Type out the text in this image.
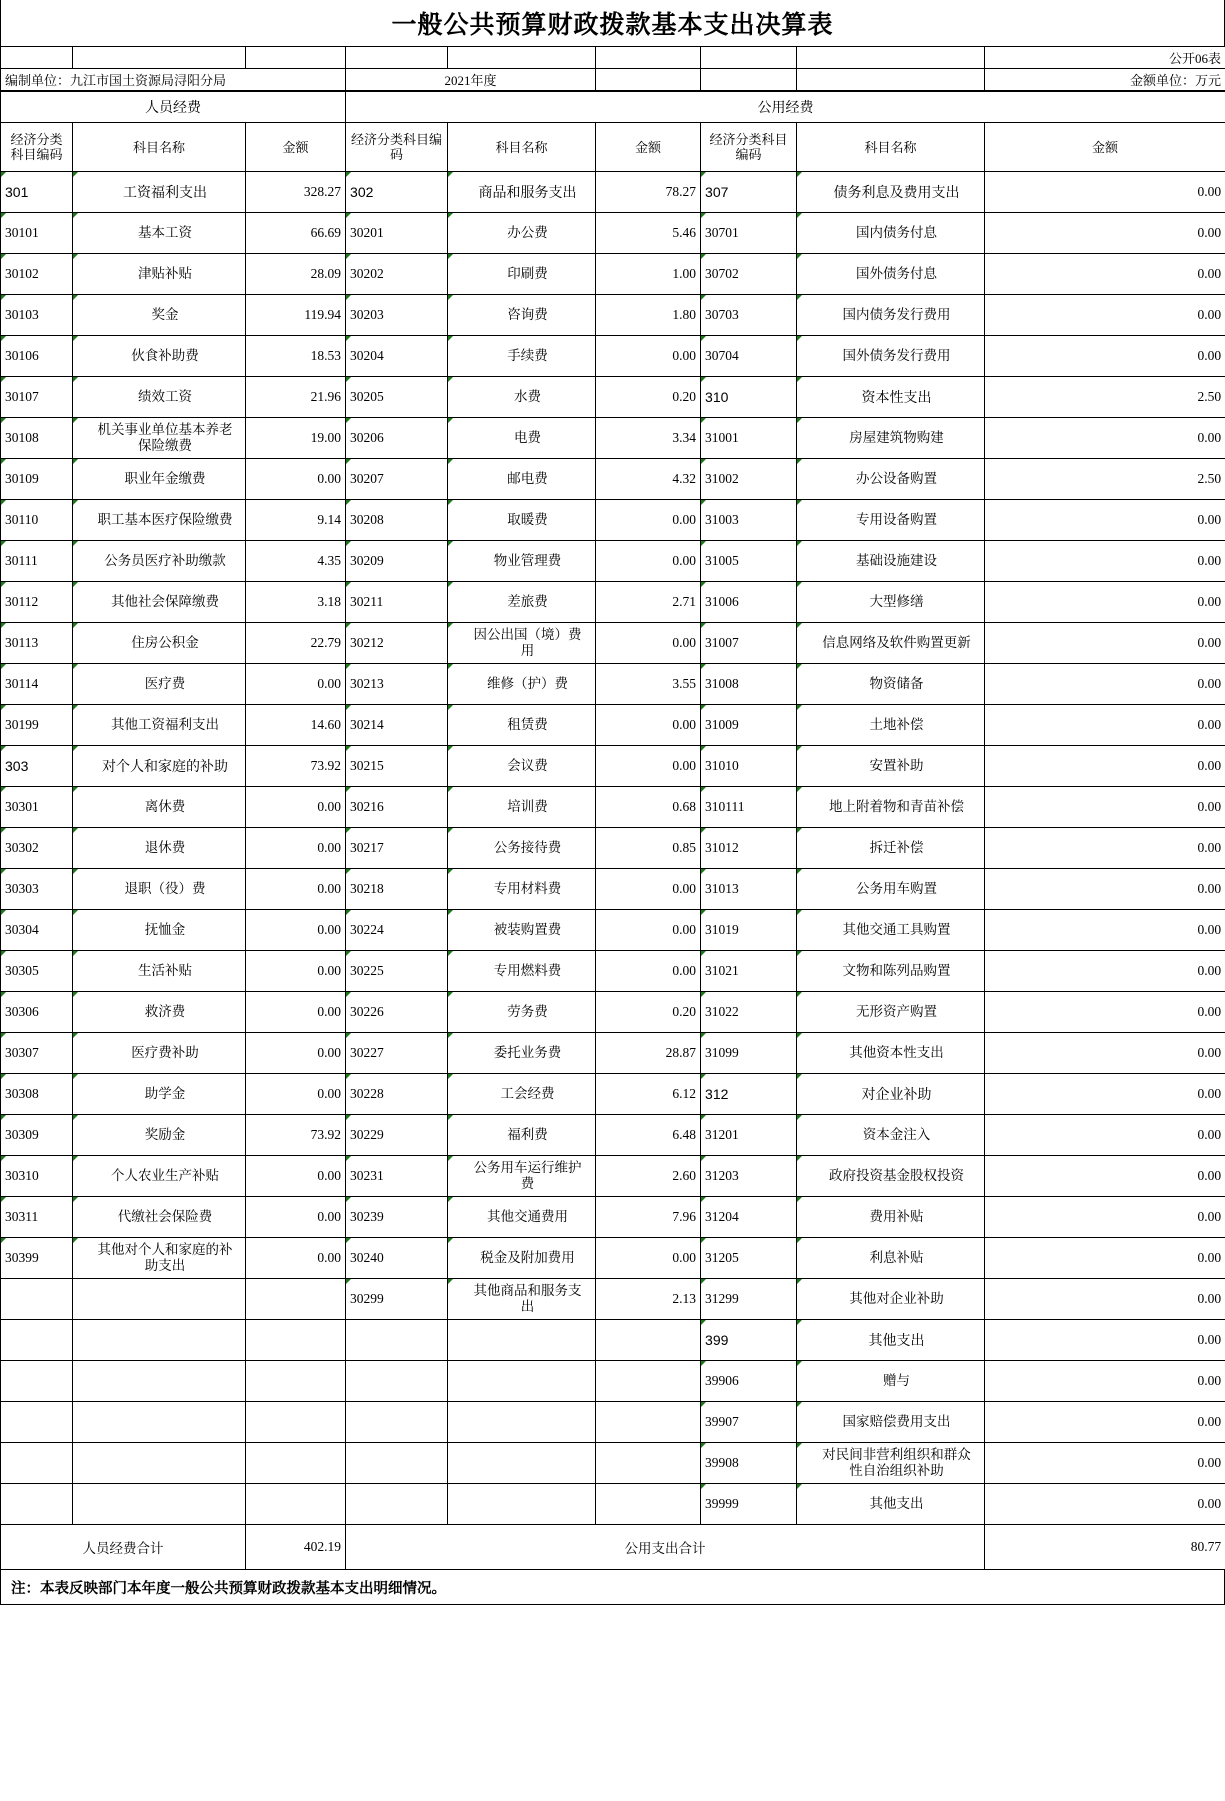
一般公共预算财政拨款基本支出决算表
								公开06表
编制单位：九江市国土资源局浔阳分局			2021年度					金额单位：万元
人员经费			公用经费					
经济分类科目编码	科目名称	金额	经济分类科目编码	科目名称	金额	经济分类科目编码	科目名称	金额
301	工资福利支出	328.27	302	商品和服务支出	78.27	307	债务利息及费用支出	0.00
30101	基本工资	66.69	30201	办公费	5.46	30701	国内债务付息	0.00
30102	津贴补贴	28.09	30202	印刷费	1.00	30702	国外债务付息	0.00
30103	奖金	119.94	30203	咨询费	1.80	30703	国内债务发行费用	0.00
30106	伙食补助费	18.53	30204	手续费	0.00	30704	国外债务发行费用	0.00
30107	绩效工资	21.96	30205	水费	0.20	310	资本性支出	2.50
30108	机关事业单位基本养老保险缴费	19.00	30206	电费	3.34	31001	房屋建筑物购建	0.00
30109	职业年金缴费	0.00	30207	邮电费	4.32	31002	办公设备购置	2.50
30110	职工基本医疗保险缴费	9.14	30208	取暖费	0.00	31003	专用设备购置	0.00
30111	公务员医疗补助缴款	4.35	30209	物业管理费	0.00	31005	基础设施建设	0.00
30112	其他社会保障缴费	3.18	30211	差旅费	2.71	31006	大型修缮	0.00
30113	住房公积金	22.79	30212	因公出国（境）费用	0.00	31007	信息网络及软件购置更新	0.00
30114	医疗费	0.00	30213	维修（护）费	3.55	31008	物资储备	0.00
30199	其他工资福利支出	14.60	30214	租赁费	0.00	31009	土地补偿	0.00
303	对个人和家庭的补助	73.92	30215	会议费	0.00	31010	安置补助	0.00
30301	离休费	0.00	30216	培训费	0.68	310111	地上附着物和青苗补偿	0.00
30302	退休费	0.00	30217	公务接待费	0.85	31012	拆迁补偿	0.00
30303	退职（役）费	0.00	30218	专用材料费	0.00	31013	公务用车购置	0.00
30304	抚恤金	0.00	30224	被装购置费	0.00	31019	其他交通工具购置	0.00
30305	生活补贴	0.00	30225	专用燃料费	0.00	31021	文物和陈列品购置	0.00
30306	救济费	0.00	30226	劳务费	0.20	31022	无形资产购置	0.00
30307	医疗费补助	0.00	30227	委托业务费	28.87	31099	其他资本性支出	0.00
30308	助学金	0.00	30228	工会经费	6.12	312	对企业补助	0.00
30309	奖励金	73.92	30229	福利费	6.48	31201	资本金注入	0.00
30310	个人农业生产补贴	0.00	30231	公务用车运行维护费	2.60	31203	政府投资基金股权投资	0.00
30311	代缴社会保险费	0.00	30239	其他交通费用	7.96	31204	费用补贴	0.00
30399	其他对个人和家庭的补助支出	0.00	30240	税金及附加费用	0.00	31205	利息补贴	0.00
			30299	其他商品和服务支出	2.13	31299	其他对企业补助	0.00
						399	其他支出	0.00
						39906	赠与	0.00
						39907	国家赔偿费用支出	0.00
						39908	对民间非营利组织和群众性自治组织补助	0.00
						39999	其他支出	0.00
人员经费合计		402.19	公用支出合计					80.77
注：本表反映部门本年度一般公共预算财政拨款基本支出明细情况。
